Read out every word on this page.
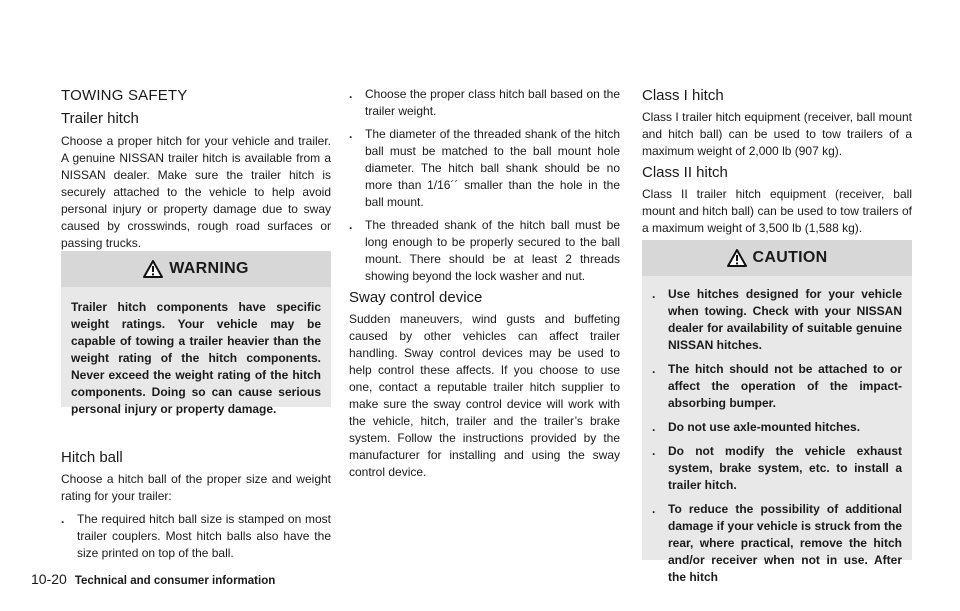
TOWING SAFETY
Trailer hitch

Choose a proper hitch for your vehicle and trailer. A genuine NISSAN trailer hitch is available from a NISSAN dealer. Make sure the trailer hitch is securely attached to the vehicle to help avoid personal injury or property damage due to sway caused by crosswinds, rough road surfaces or passing trucks.

WARNING

Trailer hitch components have specific weight ratings. Your vehicle may be capable of towing a trailer heavier than the weight rating of the hitch components. Never exceed the weight rating of the hitch components. Doing so can cause serious personal injury or property damage.

Hitch ball

Choose a hitch ball of the proper size and weight rating for your trailer:

. The required hitch ball size is stamped on most trailer couplers. Most hitch balls also have the size printed on top of the ball.
. Choose the proper class hitch ball based on the trailer weight.
. The diameter of the threaded shank of the hitch ball must be matched to the ball mount hole diameter. The hitch ball shank should be no more than 1/16´´ smaller than the hole in the ball mount.
. The threaded shank of the hitch ball must be long enough to be properly secured to the ball mount. There should be at least 2 threads showing beyond the lock washer and nut.
Sway control device

Sudden maneuvers, wind gusts and buffeting caused by other vehicles can affect trailer handling. Sway control devices may be used to help control these affects. If you choose to use one, contact a reputable trailer hitch supplier to make sure the sway control device will work with the vehicle, hitch, trailer and the trailer’s brake system. Follow the instructions provided by the manufacturer for installing and using the sway control device.

Class I hitch

Class I trailer hitch equipment (receiver, ball mount and hitch ball) can be used to tow trailers of a maximum weight of 2,000 lb (907 kg).

Class II hitch

Class II trailer hitch equipment (receiver, ball mount and hitch ball) can be used to tow trailers of a maximum weight of 3,500 lb (1,588 kg).

CAUTION
. Use hitches designed for your vehicle when towing. Check with your NISSAN dealer for availability of suitable genuine NISSAN hitches.
. The hitch should not be attached to or affect the operation of the impact-absorbing bumper.
. Do not use axle-mounted hitches.
. Do not modify the vehicle exhaust system, brake system, etc. to install a trailer hitch.
. To reduce the possibility of additional damage if your vehicle is struck from the rear, where practical, remove the hitch and/or receiver when not in use. After the hitch
10-20 Technical and consumer information
